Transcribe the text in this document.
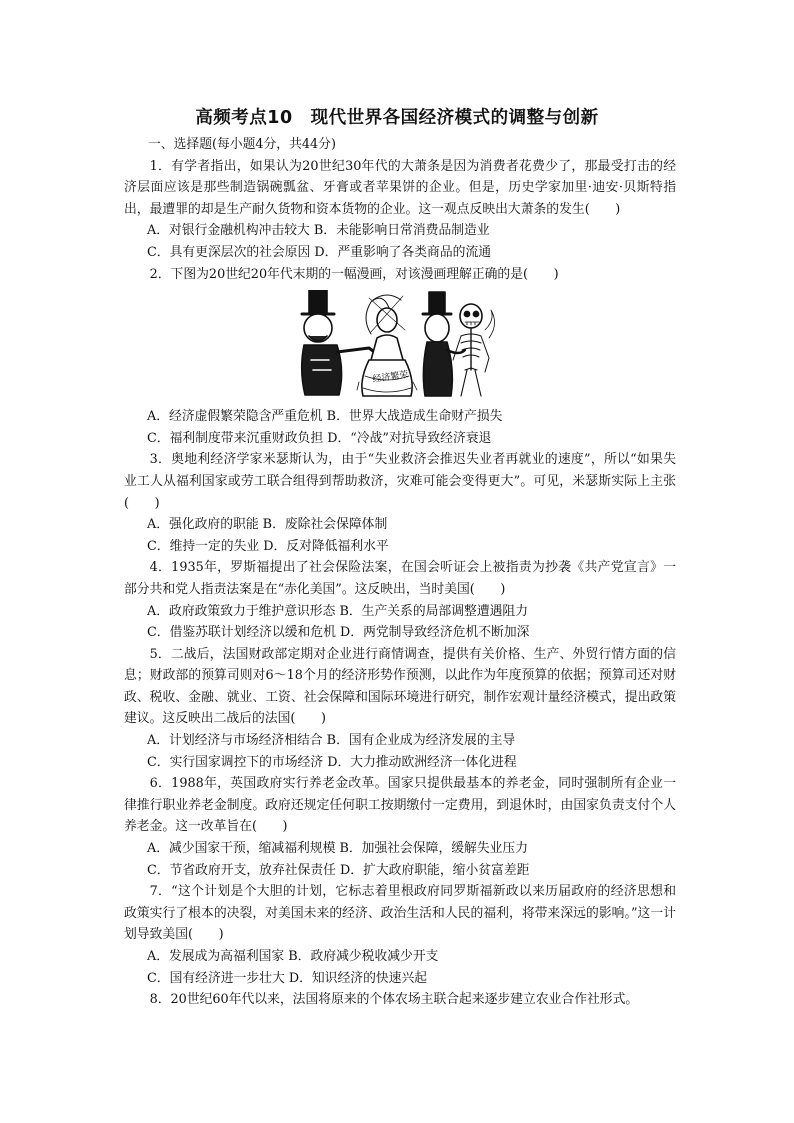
高频考点10　现代世界各国经济模式的调整与创新

一、选择题(每小题4分，共44分)

1．有学者指出，如果认为20世纪30年代的大萧条是因为消费者花费少了，那最受打击的经济层面应该是那些制造锅碗瓢盆、牙膏或者苹果饼的企业。但是，历史学家加里·迪安·贝斯特指出，最遭罪的却是生产耐久货物和资本货物的企业。这一观点反映出大萧条的发生(　　)

A．对银行金融机构冲击较大 B．未能影响日常消费品制造业

C．具有更深层次的社会原因 D．严重影响了各类商品的流通

2．下图为20世纪20年代末期的一幅漫画，对该漫画理解正确的是(　　)

经济繁荣

A．经济虚假繁荣隐含严重危机 B．世界大战造成生命财产损失

C．福利制度带来沉重财政负担 D．“冷战”对抗导致经济衰退

3．奥地利经济学家米瑟斯认为，由于“失业救济会推迟失业者再就业的速度”，所以“如果失业工人从福利国家或劳工联合组得到帮助救济，灾难可能会变得更大”。可见，米瑟斯实际上主张(　　)

A．强化政府的职能 B．废除社会保障体制

C．维持一定的失业 D．反对降低福利水平

4．1935年，罗斯福提出了社会保险法案，在国会听证会上被指责为抄袭《共产党宣言》一部分共和党人指责法案是在“赤化美国”。这反映出，当时美国(　　)

A．政府政策致力于维护意识形态 B．生产关系的局部调整遭遇阻力

C．借鉴苏联计划经济以缓和危机 D．两党制导致经济危机不断加深

5．二战后，法国财政部定期对企业进行商情调查，提供有关价格、生产、外贸行情方面的信息；财政部的预算司则对6～18个月的经济形势作预测，以此作为年度预算的依据；预算司还对财政、税收、金融、就业、工资、社会保障和国际环境进行研究，制作宏观计量经济模式，提出政策建议。这反映出二战后的法国(　　)

A．计划经济与市场经济相结合 B．国有企业成为经济发展的主导

C．实行国家调控下的市场经济 D．大力推动欧洲经济一体化进程

6．1988年，英国政府实行养老金改革。国家只提供最基本的养老金，同时强制所有企业一律推行职业养老金制度。政府还规定任何职工按期缴付一定费用，到退休时，由国家负责支付个人养老金。这一改革旨在(　　)

A．减少国家干预，缩减福利规模 B．加强社会保障，缓解失业压力

C．节省政府开支，放弃社保责任 D．扩大政府职能，缩小贫富差距

7．“这个计划是个大胆的计划，它标志着里根政府同罗斯福新政以来历届政府的经济思想和政策实行了根本的决裂，对美国未来的经济、政治生活和人民的福利，将带来深远的影响。”这一计划导致美国(　　)

A．发展成为高福利国家 B．政府减少税收减少开支

C．国有经济进一步壮大 D．知识经济的快速兴起

8．20世纪60年代以来，法国将原来的个体农场主联合起来逐步建立农业合作社形式。
